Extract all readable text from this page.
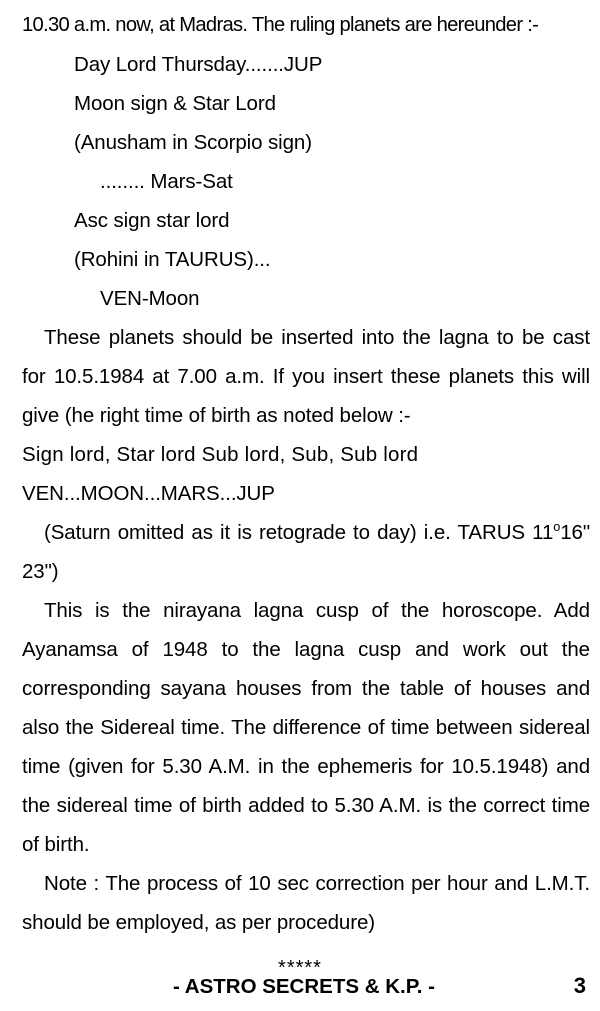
10.30 a.m. now, at Madras. The ruling planets are hereunder :-
Day Lord Thursday.......JUP
Moon sign & Star Lord
(Anusham in Scorpio sign)
........ Mars-Sat
Asc sign star lord
(Rohini in TAURUS)...
VEN-Moon

These planets should be inserted into the lagna to be cast for 10.5.1984 at 7.00 a.m. If you insert these planets this will give (he right time of birth as noted below :-

Sign lord, Star lord Sub lord, Sub, Sub lord

VEN...MOON...MARS...JUP

(Saturn omitted as it is retograde to day) i.e. TARUS 11$^o$16" 23")

This is the nirayana lagna cusp of the horoscope. Add Ayanamsa of 1948 to the lagna cusp and work out the corresponding sayana houses from the table of houses and also the Sidereal time. The difference of time between sidereal time (given for 5.30 A.M. in the ephemeris for 10.5.1948) and the sidereal time of birth added to 5.30 A.M. is the correct time of birth.

Note : The process of 10 sec correction per hour and L.M.T. should be employed, as per procedure)

*****
- ASTRO SECRETS & K.P. -	3
